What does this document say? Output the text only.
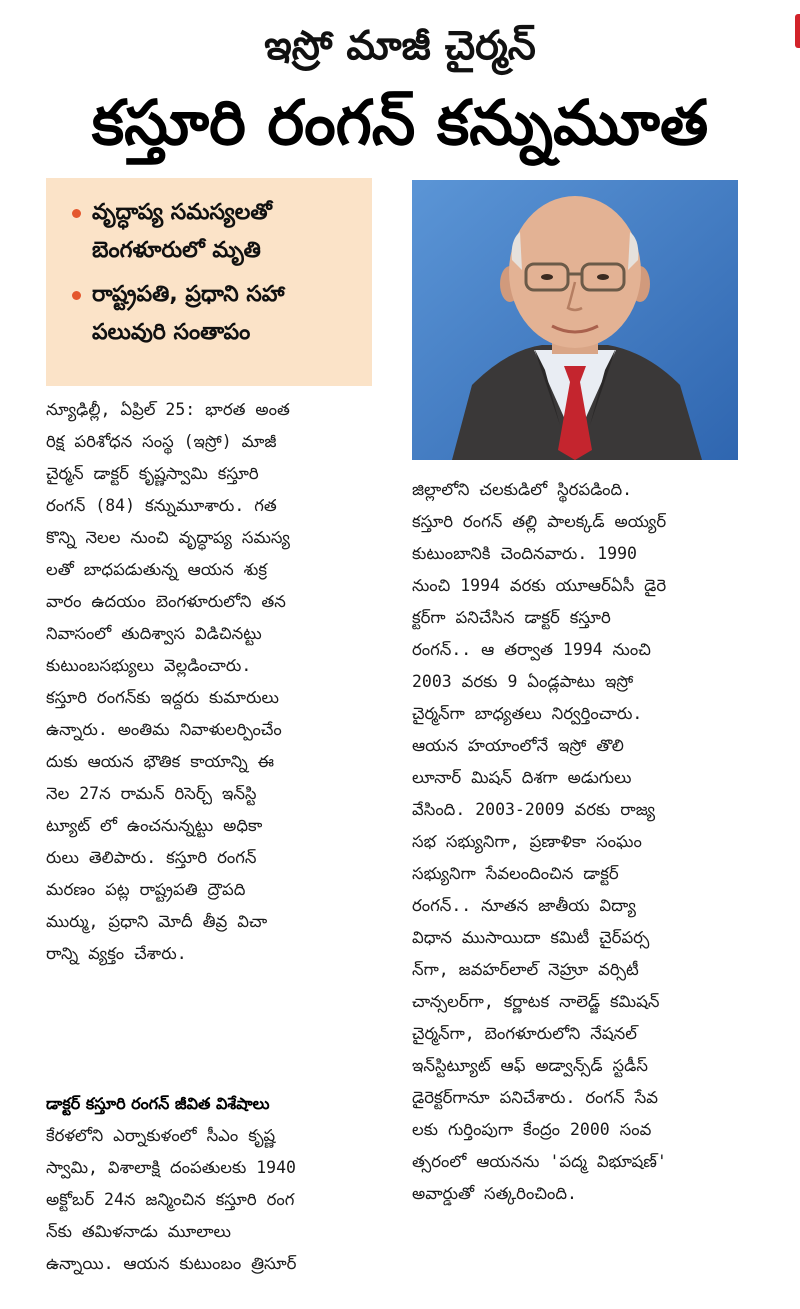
ఇస్రో మాజీ చైర్మన్
కస్తూరి రంగన్ కన్నుమూత
వృద్ధాప్య సమస్యలతో
బెంగళూరులో మృతి
రాష్ట్రపతి, ప్రధాని సహా
పలువురి సంతాపం
న్యూఢిల్లీ, ఏప్రిల్ 25: భారత అంత
రిక్ష పరిశోధన సంస్థ (ఇస్రో) మాజీ
చైర్మన్ డాక్టర్ కృష్ణస్వామి కస్తూరి
రంగన్ (84) కన్నుమూశారు. గత
కొన్ని నెలల నుంచి వృద్ధాప్య సమస్య
లతో బాధపడుతున్న ఆయన శుక్ర
వారం ఉదయం బెంగళూరులోని తన
నివాసంలో తుదిశ్వాస విడిచినట్టు
కుటుంబసభ్యులు వెల్లడించారు.
కస్తూరి రంగన్‌కు ఇద్దరు కుమారులు
ఉన్నారు. అంతిమ నివాళులర్పించేం
దుకు ఆయన భౌతిక కాయాన్ని ఈ
నెల 27న రామన్ రిసెర్చ్ ఇన్‌స్టి
ట్యూట్ లో ఉంచనున్నట్టు అధికా
రులు తెలిపారు. కస్తూరి రంగన్
మరణం పట్ల రాష్ట్రపతి ద్రౌపది
ముర్ము, ప్రధాని మోదీ తీవ్ర విచా
రాన్ని వ్యక్తం చేశారు.
డాక్టర్ కస్తూరి రంగన్ జీవిత విశేషాలు
కేరళలోని ఎర్నాకుళంలో సీఎం కృష్ణ
స్వామి, విశాలాక్షి దంపతులకు 1940
అక్టోబర్ 24న జన్మించిన కస్తూరి రంగ
న్‌కు తమిళనాడు మూలాలు
ఉన్నాయి. ఆయన కుటుంబం త్రిసూర్
జిల్లాలోని చలకుడిలో స్థిరపడింది.
కస్తూరి రంగన్ తల్లి పాలక్కడ్ అయ్యర్
కుటుంబానికి చెందినవారు. 1990
నుంచి 1994 వరకు యూఆర్ఏసీ డైరె
క్టర్‌గా పనిచేసిన డాక్టర్ కస్తూరి
రంగన్.. ఆ తర్వాత 1994 నుంచి
2003 వరకు 9 ఏండ్లపాటు ఇస్రో
చైర్మన్‌గా బాధ్యతలు నిర్వర్తించారు.
ఆయన హయాంలోనే ఇస్రో తొలి
లూనార్ మిషన్ దిశగా అడుగులు
వేసింది. 2003-2009 వరకు రాజ్య
సభ సభ్యునిగా, ప్రణాళికా సంఘం
సభ్యునిగా సేవలందించిన డాక్టర్
రంగన్.. నూతన జాతీయ విద్యా
విధాన ముసాయిదా కమిటీ చైర్‌పర్స
న్‌గా, జవహర్‌లాల్ నెహ్రూ వర్సిటీ
చాన్సలర్‌గా, కర్ణాటక నాలెడ్జ్ కమిషన్
చైర్మన్‌గా, బెంగళూరులోని నేషనల్
ఇన్‌స్టిట్యూట్ ఆఫ్ అడ్వాన్స్‌డ్ స్టడీస్
డైరెక్టర్‌గానూ పనిచేశారు. రంగన్ సేవ
లకు గుర్తింపుగా కేంద్రం 2000 సంవ
త్సరంలో ఆయనను 'పద్మ విభూషణ్'
అవార్డుతో సత్కరించింది.
